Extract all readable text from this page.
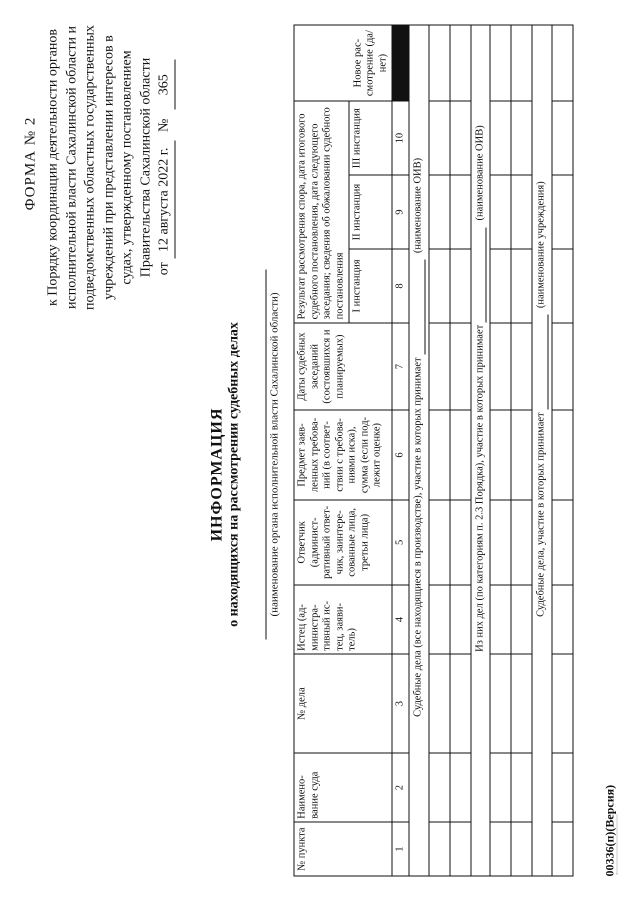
ФОРМА № 2 к Порядку координации деятельности органов исполнительной власти Сахалинской области и подведомственных областных государственных учреждений при представлении интересов в судах, утвержденному постановлением Правительства Сахалинской области от 12 августа 2022 г. № 365
ИНФОРМАЦИЯ о находящихся на рассмотрении судебных делах (наименование органа исполнительной власти Сахалинской области)
№ пункта	Наимено-вание суда	№ дела	Истец (ад-министра-тивный ис-тец, заяви-тель)	Ответчик (админист-ративный ответ-чик, заинтере-сованные лица, третьи лица)	Предмет заяв-ленных требова-ний (в соответ-ствии с требова-ниями иска), сумма (если под-лежит оценке)	Даты судебных заседаний (состоявшихся и планируемых)	Результат рассмотрения спора, дата итогового судебного постановления, дата следующего заседания; сведения об обжаловании судебного постановления			Новое рас-смотрение (да/нет)
							I инстанция	II инстанция	III инстанция	
1	2	3	4	5	6	7	8	9	10	
Судебные дела (все находящиеся в производстве), участие в которых принимает  (наименование ОИВ)										

Из них дел (по категориям п. 2.3 Порядка), участие в которых принимает  (наименование ОИВ)										

Судебные дела, участие в которых принимает  (наименование учреждения)										

00336(п)(Версия)
